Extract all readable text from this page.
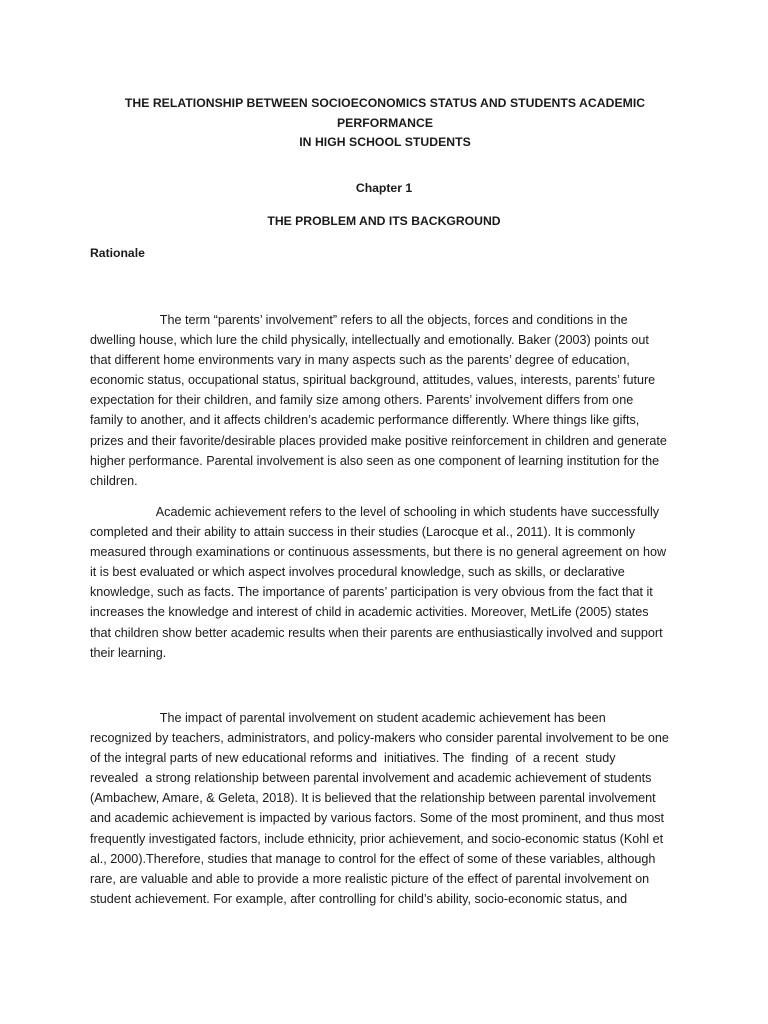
THE RELATIONSHIP BETWEEN SOCIOECONOMICS STATUS AND STUDENTS ACADEMIC PERFORMANCE
IN HIGH SCHOOL STUDENTS
Chapter 1
THE PROBLEM AND ITS BACKGROUND
Rationale
The term “parents’ involvement” refers to all the objects, forces and conditions in the
dwelling house, which lure the child physically, intellectually and emotionally. Baker (2003) points out
that different home environments vary in many aspects such as the parents’ degree of education,
economic status, occupational status, spiritual background, attitudes, values, interests, parents’ future
expectation for their children, and family size among others. Parents’ involvement differs from one
family to another, and it affects children’s academic performance differently. Where things like gifts,
prizes and their favorite/desirable places provided make positive reinforcement in children and generate
higher performance. Parental involvement is also seen as one component of learning institution for the
children.
Academic achievement refers to the level of schooling in which students have successfully
completed and their ability to attain success in their studies (Larocque et al., 2011). It is commonly
measured through examinations or continuous assessments, but there is no general agreement on how
it is best evaluated or which aspect involves procedural knowledge, such as skills, or declarative
knowledge, such as facts. The importance of parents’ participation is very obvious from the fact that it
increases the knowledge and interest of child in academic activities. Moreover, MetLife (2005) states
that children show better academic results when their parents are enthusiastically involved and support
their learning.
The impact of parental involvement on student academic achievement has been
recognized by teachers, administrators, and policy-makers who consider parental involvement to be one
of the integral parts of new educational reforms and  initiatives. The  finding  of  a recent  study
revealed  a strong relationship between parental involvement and academic achievement of students
(Ambachew, Amare, & Geleta, 2018). It is believed that the relationship between parental involvement
and academic achievement is impacted by various factors. Some of the most prominent, and thus most
frequently investigated factors, include ethnicity, prior achievement, and socio-economic status (Kohl et
al., 2000).Therefore, studies that manage to control for the effect of some of these variables, although
rare, are valuable and able to provide a more realistic picture of the effect of parental involvement on
student achievement. For example, after controlling for child’s ability, socio-economic status, and
